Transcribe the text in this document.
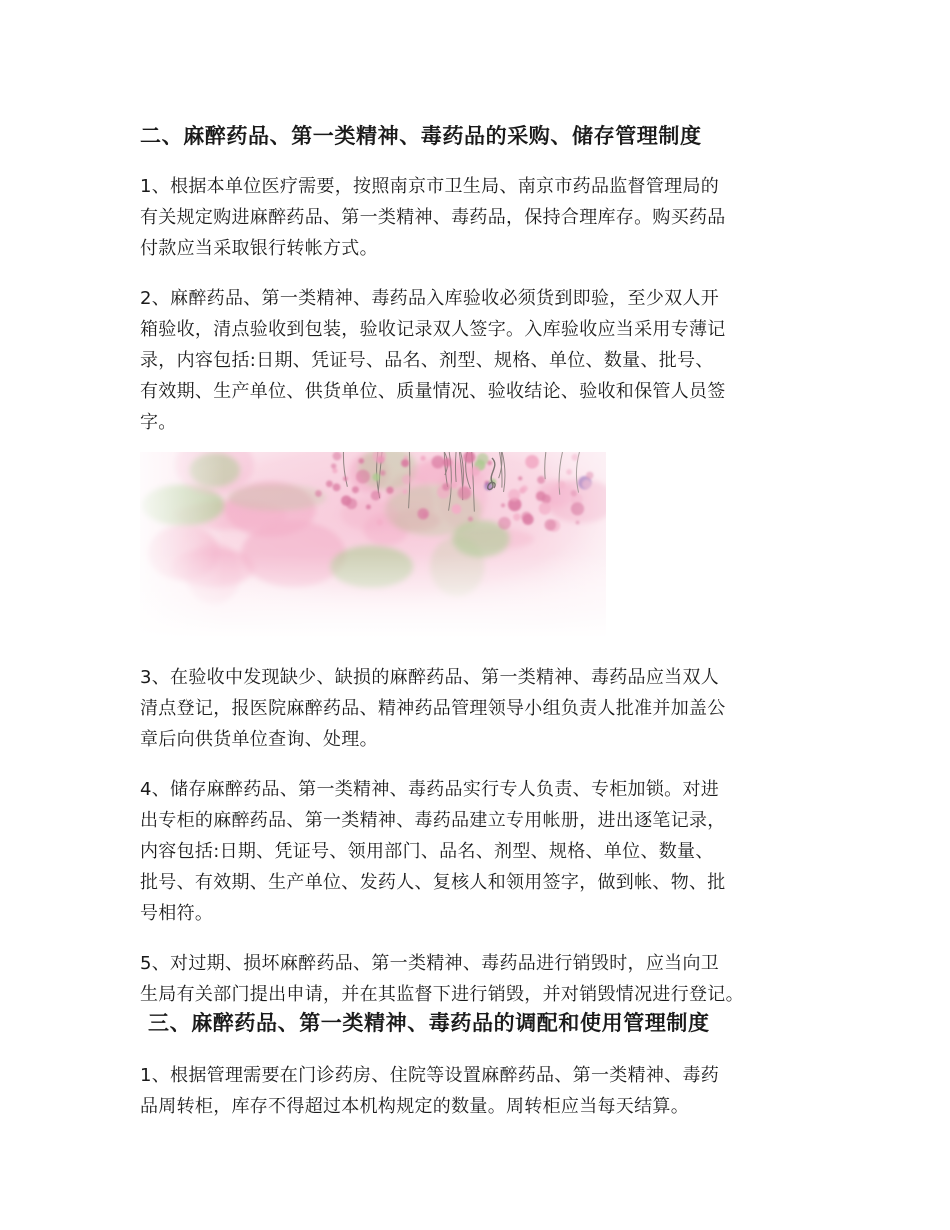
二、麻醉药品、第一类精神、毒药品的采购、储存管理制度

1、根据本单位医疗需要，按照南京市卫生局、南京市药品监督管理局的
有关规定购进麻醉药品、第一类精神、毒药品，保持合理库存。购买药品
付款应当采取银行转帐方式。

2、麻醉药品、第一类精神、毒药品入库验收必须货到即验，至少双人开
箱验收，清点验收到包装，验收记录双人签字。入库验收应当采用专薄记
录，内容包括:日期、凭证号、品名、剂型、规格、单位、数量、批号、
有效期、生产单位、供货单位、质量情况、验收结论、验收和保管人员签
字。

3、在验收中发现缺少、缺损的麻醉药品、第一类精神、毒药品应当双人
清点登记，报医院麻醉药品、精神药品管理领导小组负责人批准并加盖公
章后向供货单位查询、处理。

4、储存麻醉药品、第一类精神、毒药品实行专人负责、专柜加锁。对进
出专柜的麻醉药品、第一类精神、毒药品建立专用帐册，进出逐笔记录，
内容包括:日期、凭证号、领用部门、品名、剂型、规格、单位、数量、
批号、有效期、生产单位、发药人、复核人和领用签字，做到帐、物、批
号相符。

5、对过期、损坏麻醉药品、第一类精神、毒药品进行销毁时，应当向卫
生局有关部门提出申请，并在其监督下进行销毁，并对销毁情况进行登记。

三、麻醉药品、第一类精神、毒药品的调配和使用管理制度

1、根据管理需要在门诊药房、住院等设置麻醉药品、第一类精神、毒药
品周转柜，库存不得超过本机构规定的数量。周转柜应当每天结算。
